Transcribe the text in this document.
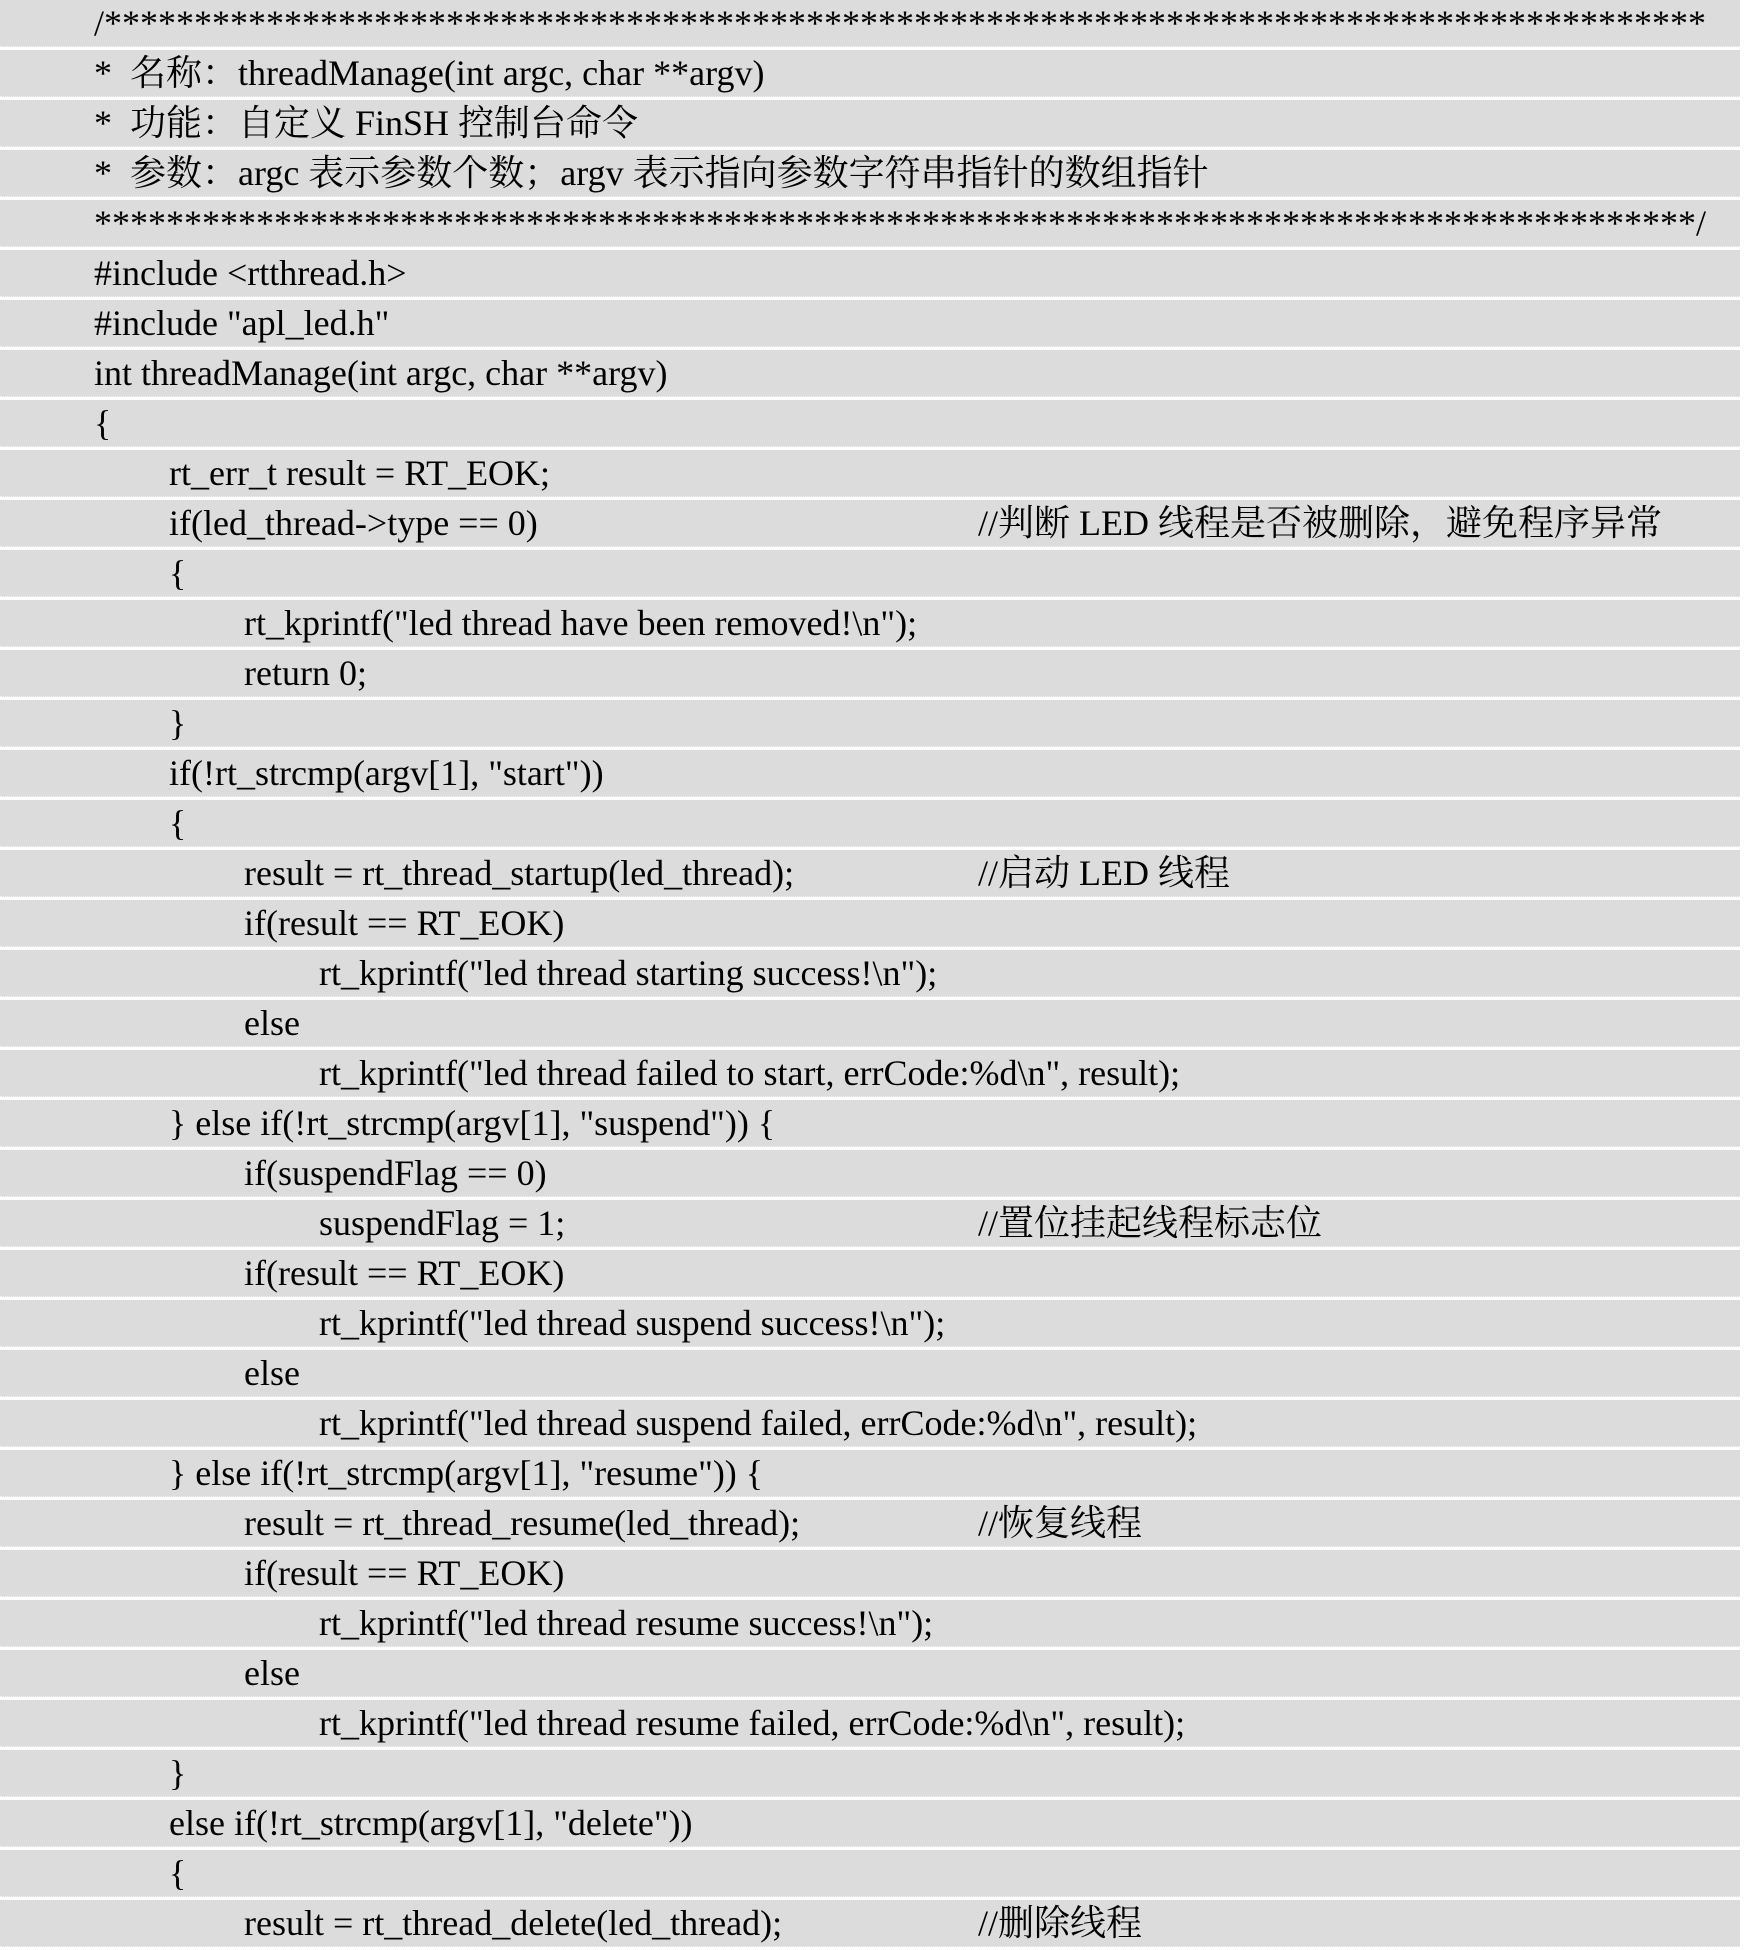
/*****************************************************************************************
*  名称：threadManage(int argc, char **argv)
*  功能：自定义 FinSH 控制台命令
*  参数：argc 表示参数个数；argv 表示指向参数字符串指针的数组指针
*****************************************************************************************/
#include <rtthread.h>
#include "apl_led.h"
int threadManage(int argc, char **argv)
{
rt_err_t result = RT_EOK;
if(led_thread->type == 0)	//判断 LED 线程是否被删除，避免程序异常
{
rt_kprintf("led thread have been removed!\n");
return 0;
}
if(!rt_strcmp(argv[1], "start"))
{
result = rt_thread_startup(led_thread);	//启动 LED 线程
if(result == RT_EOK)
rt_kprintf("led thread starting success!\n");
else
rt_kprintf("led thread failed to start, errCode:%d\n", result);
} else if(!rt_strcmp(argv[1], "suspend")) {
if(suspendFlag == 0)
suspendFlag = 1;	//置位挂起线程标志位
if(result == RT_EOK)
rt_kprintf("led thread suspend success!\n");
else
rt_kprintf("led thread suspend failed, errCode:%d\n", result);
} else if(!rt_strcmp(argv[1], "resume")) {
result = rt_thread_resume(led_thread);	//恢复线程
if(result == RT_EOK)
rt_kprintf("led thread resume success!\n");
else
rt_kprintf("led thread resume failed, errCode:%d\n", result);
}
else if(!rt_strcmp(argv[1], "delete"))
{
result = rt_thread_delete(led_thread);	//删除线程
